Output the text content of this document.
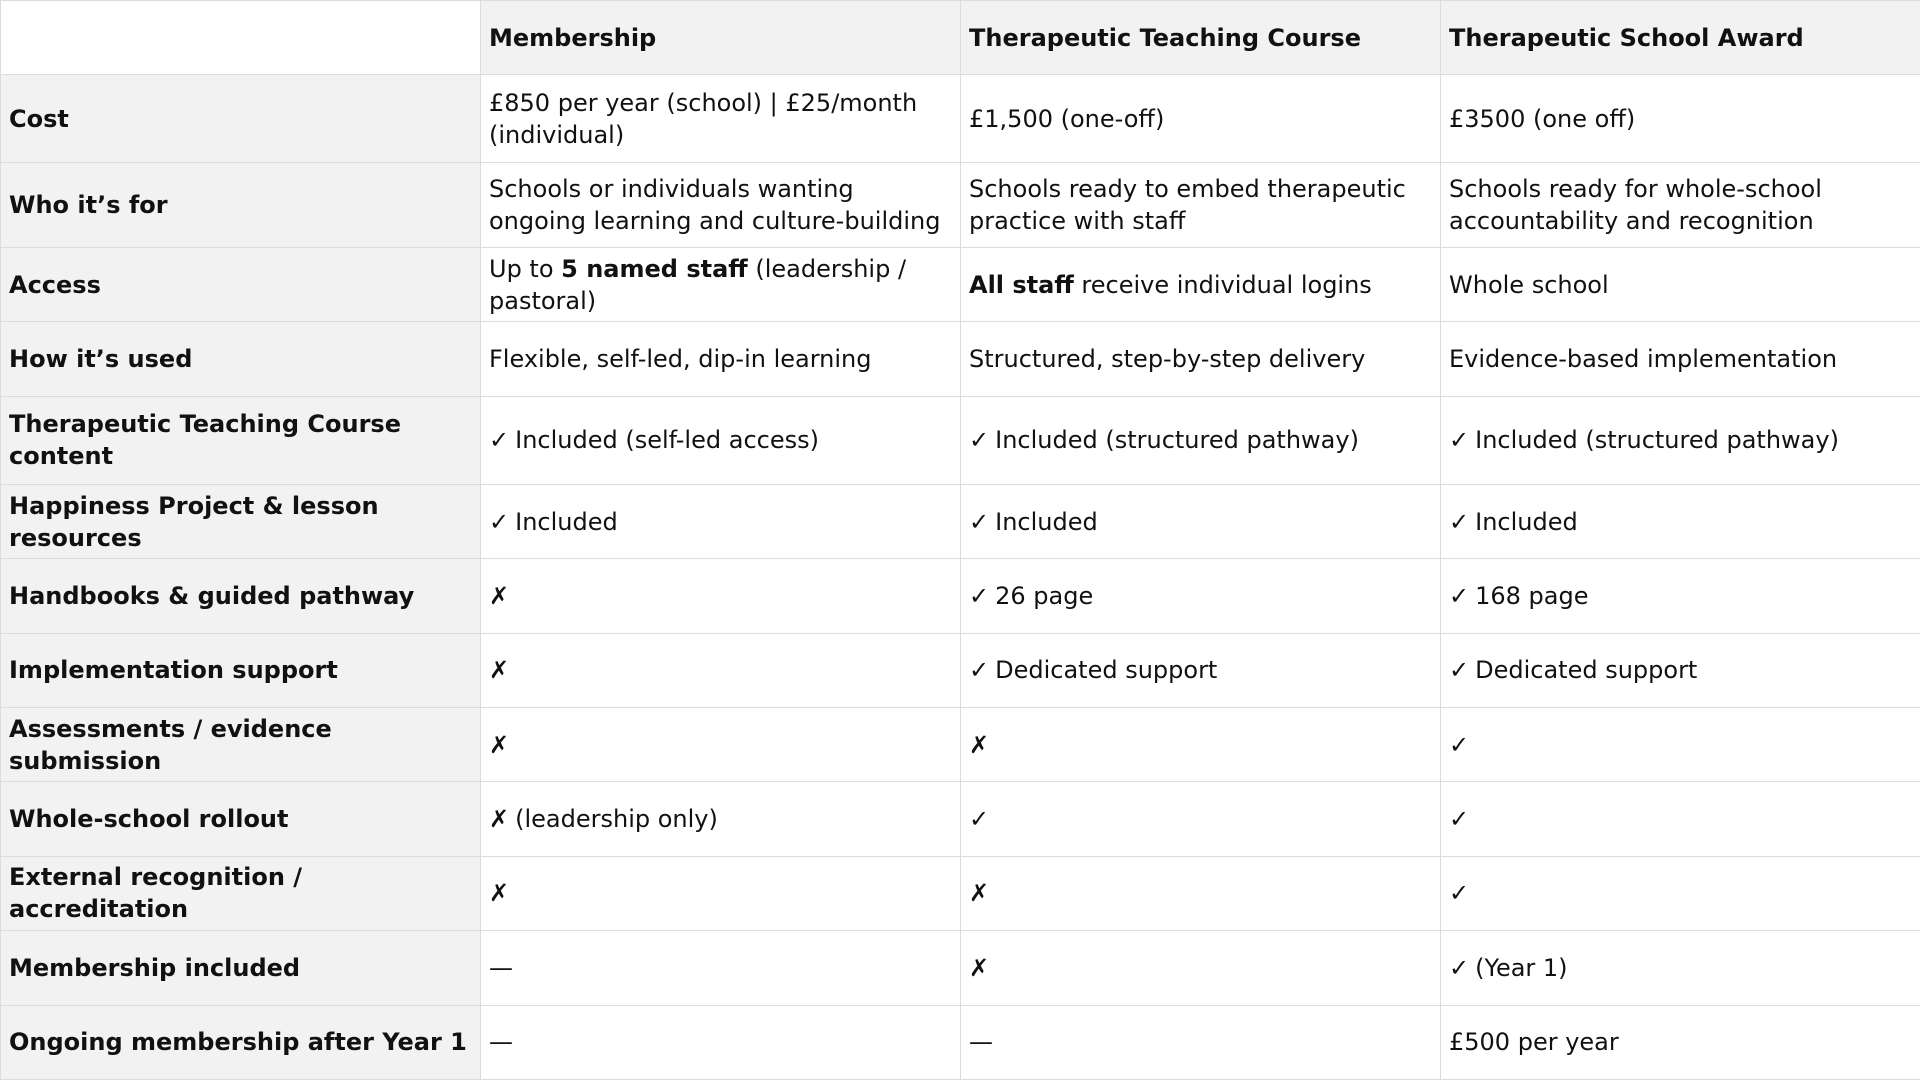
	Membership	Therapeutic Teaching Course	Therapeutic School Award
Cost	£850 per year (school) | £25/month (individual)	£1,500 (one-off)	£3500 (one off)
Who it’s for	Schools or individuals wanting ongoing learning and culture-building	Schools ready to embed therapeutic practice with staff	Schools ready for whole-school accountability and recognition
Access	Up to 5 named staff (leadership / pastoral)	All staff receive individual logins	Whole school
How it’s used	Flexible, self-led, dip-in learning	Structured, step-by-step delivery	Evidence-based implementation
Therapeutic Teaching Course content	✓ Included (self-led access)	✓ Included (structured pathway)	✓ Included (structured pathway)
Happiness Project & lesson resources	✓ Included	✓ Included	✓ Included
Handbooks & guided pathway	✗	✓ 26 page	✓ 168 page
Implementation support	✗	✓ Dedicated support	✓ Dedicated support
Assessments / evidence submission	✗	✗	✓
Whole-school rollout	✗ (leadership only)	✓	✓
External recognition / accreditation	✗	✗	✓
Membership included	—	✗	✓ (Year 1)
Ongoing membership after Year 1	—	—	£500 per year
